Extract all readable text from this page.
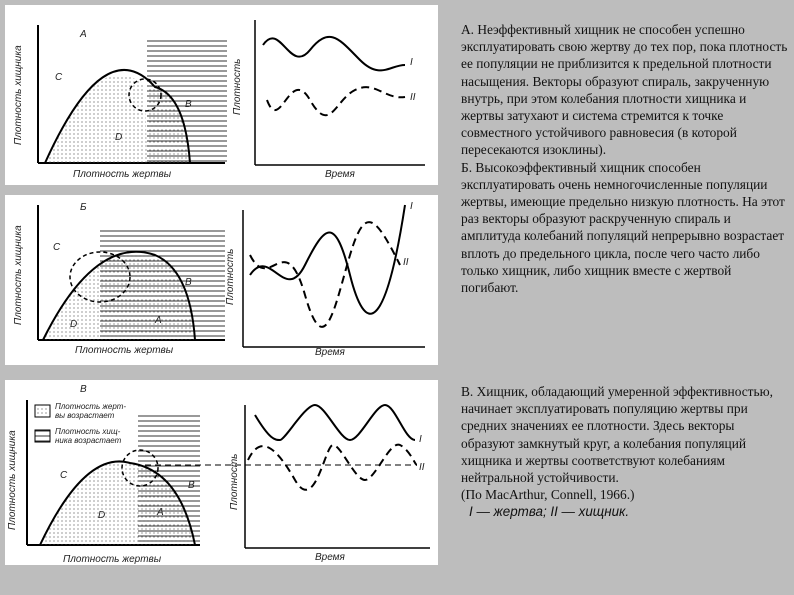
А
С
В
D
Плотность хищника
Плотность жертвы
I
II
Плотность
Время
Б
С
В
D	A
Плотность хищника
Плотность жертвы
I
II
Плотность
Время
В
С
В
D	A
Плотность хищника
Плотность жертвы
I
II
Плотность
Время
Плотность жерт-вы возрастает
Плотность хищ-ника возрастает

А. Неэффективный хищник не способен успешно эксплуатировать свою жертву до тех пор, пока плотность ее популяции не приблизится к предельной плотности насыщения. Векторы образуют спираль, закрученную внутрь, при этом колебания плотности хищника и жертвы затухают и система стремится к точке совместного устойчивого равновесия (в которой пересекаются изоклины).

Б. Высокоэффективный хищник способен эксплуатировать очень немногочисленные популяции жертвы, имеющие предельно низкую плотность. На этот раз векторы образуют раскрученную спираль и амплитуда колебаний популяций непрерывно возрастает вплоть до предельного цикла, после чего часто либо только хищник, либо хищник вместе с жертвой погибают.

В. Хищник, обладающий умеренной эффективностью, начинает эксплуатировать популяцию жертвы при средних значениях ее плотности. Здесь векторы образуют замкнутый круг, а колебания популяций хищника и жертвы соответствуют колебаниям нейтральной устойчивости.

(По MacArthur, Connell, 1966.)

I — жертва; II — хищник.
